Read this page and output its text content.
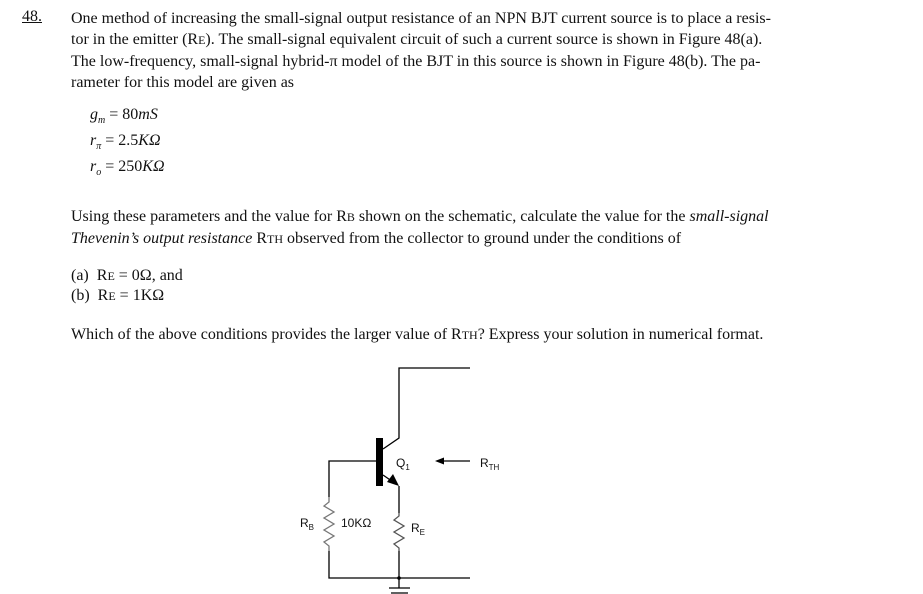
48. One method of increasing the small-signal output resistance of an NPN BJT current source is to place a resis-
tor in the emitter (RE). The small-signal equivalent circuit of such a current source is shown in Figure 48(a).
The low-frequency, small-signal hybrid-π model of the BJT in this source is shown in Figure 48(b). The pa-
rameter for this model are given as
$g_m = 80mS$
$r_\pi = 2.5K\Omega$
$r_o = 250K\Omega$
Using these parameters and the value for RB shown on the schematic, calculate the value for the small-signal
Thevenin’s output resistance RTH observed from the collector to ground under the conditions of
(a) RE = 0Ω, and
(b) RE = 1KΩ
Which of the above conditions provides the larger value of RTH? Express your solution in numerical format.
$Q_1$	$R_{TH}$
$R_B$ 10KΩ	$R_E$
